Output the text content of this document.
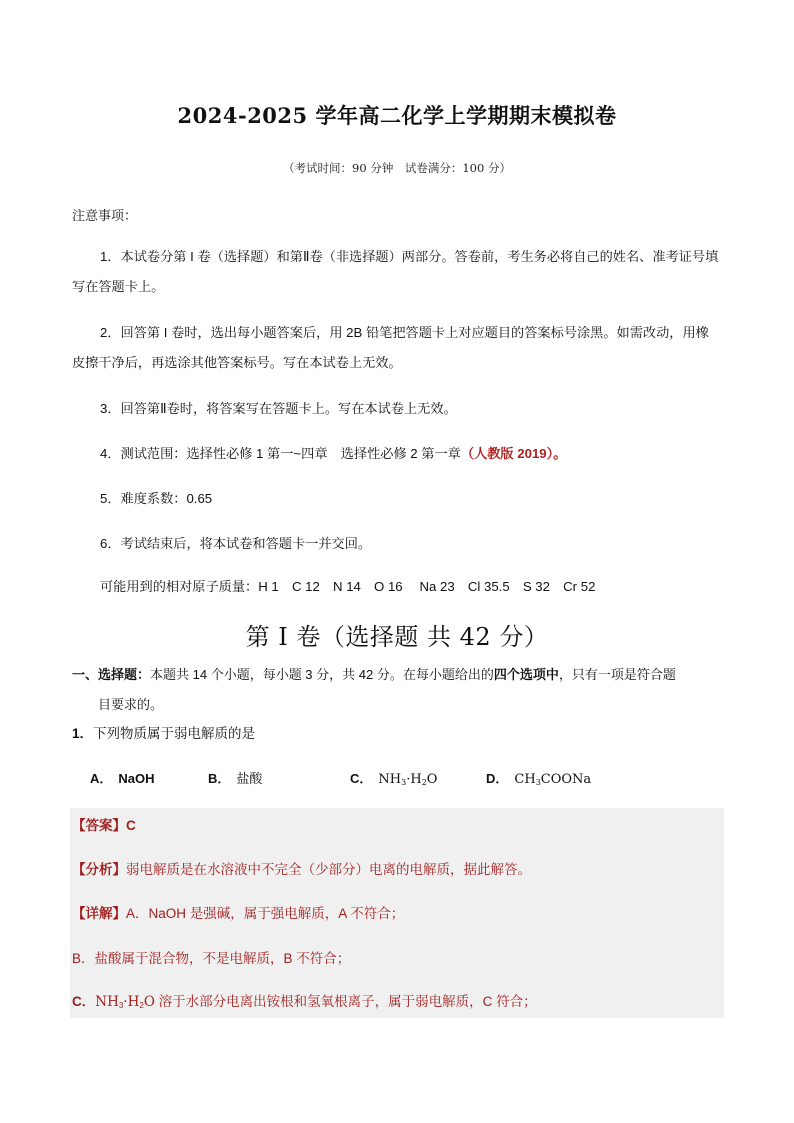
2024-2025 学年高二化学上学期期末模拟卷
（考试时间：90 分钟　试卷满分：100 分）
注意事项：
1．本试卷分第 I 卷（选择题）和第Ⅱ卷（非选择题）两部分。答卷前，考生务必将自己的姓名、准考证号填写在答题卡上。
2．回答第 I 卷时，选出每小题答案后，用 2B 铅笔把答题卡上对应题目的答案标号涂黑。如需改动，用橡皮擦干净后，再选涂其他答案标号。写在本试卷上无效。
3．回答第Ⅱ卷时，将答案写在答题卡上。写在本试卷上无效。
4．测试范围：选择性必修 1 第一~四章　选择性必修 2 第一章（人教版 2019）。
5．难度系数：0.65
6．考试结束后，将本试卷和答题卡一并交回。
可能用到的相对原子质量：H 1　C 12　N 14　O 16　 Na 23　Cl 35.5　S 32　Cr 52
第 I 卷（选择题 共 42 分）
一、选择题：本题共 14 个小题，每小题 3 分，共 42 分。在每小题给出的四个选项中，只有一项是符合题
目要求的。
1．下列物质属于弱电解质的是
A． NaOH	B． 盐酸	C． $NH_3\cdot H_2O$	D． $CH_3COONa$
【答案】C
【分析】弱电解质是在水溶液中不完全（少部分）电离的电解质，据此解答。
【详解】A．NaOH 是强碱，属于强电解质，A 不符合；
B．盐酸属于混合物，不是电解质，B 不符合；
C．$NH_3\cdot H_2O$ 溶于水部分电离出铵根和氢氧根离子，属于弱电解质，C 符合；
